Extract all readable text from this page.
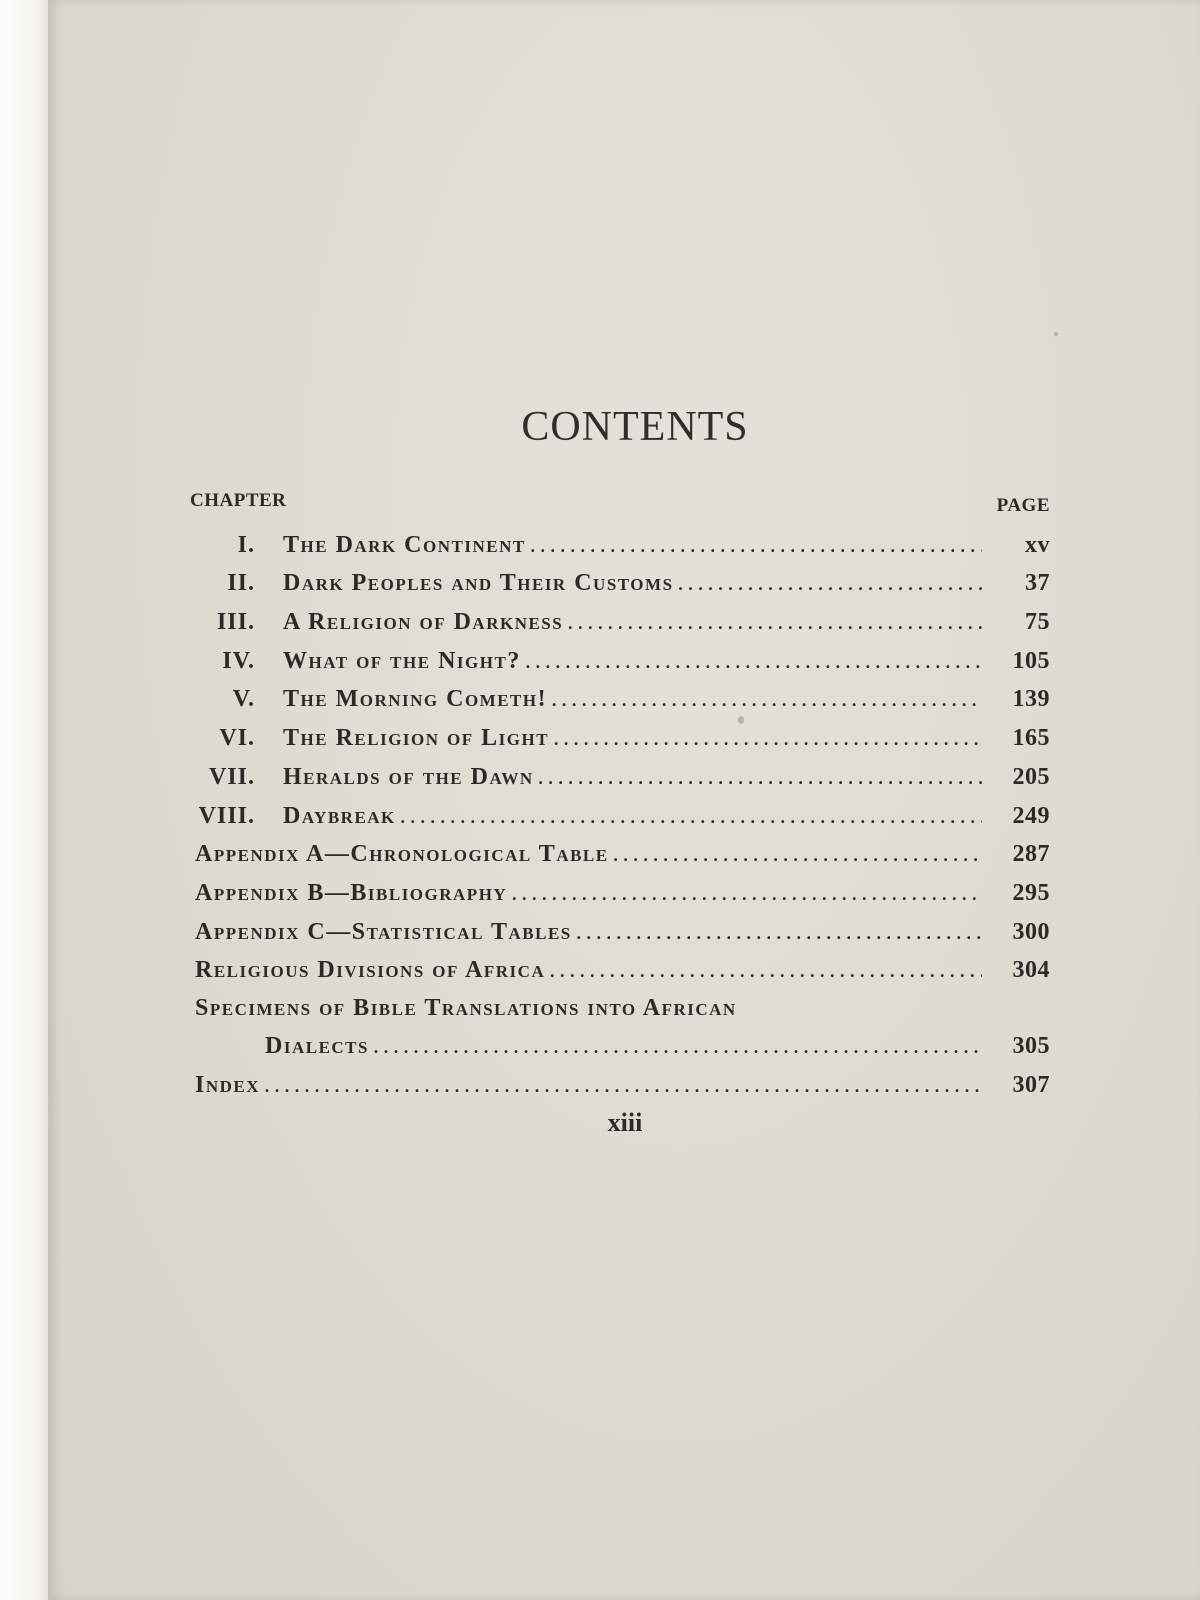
CONTENTS
CHAPTER	PAGE
I.	The Dark Continent .....	xv
II.	Dark Peoples and Their Customs .....	37
III.	A Religion of Darkness .....	75
IV.	What of the Night? .....	105
V.	The Morning Cometh! .....	139
VI.	The Religion of Light .....	165
VII.	Heralds of the Dawn .....	205
VIII.	Daybreak .....	249
Appendix A—Chronological Table .....	287
Appendix B—Bibliography .....	295
Appendix C—Statistical Tables .....	300
Religious Divisions of Africa .....	304
Specimens of Bible Translations into African
Dialects .....	305
Index .....	307
xiii
